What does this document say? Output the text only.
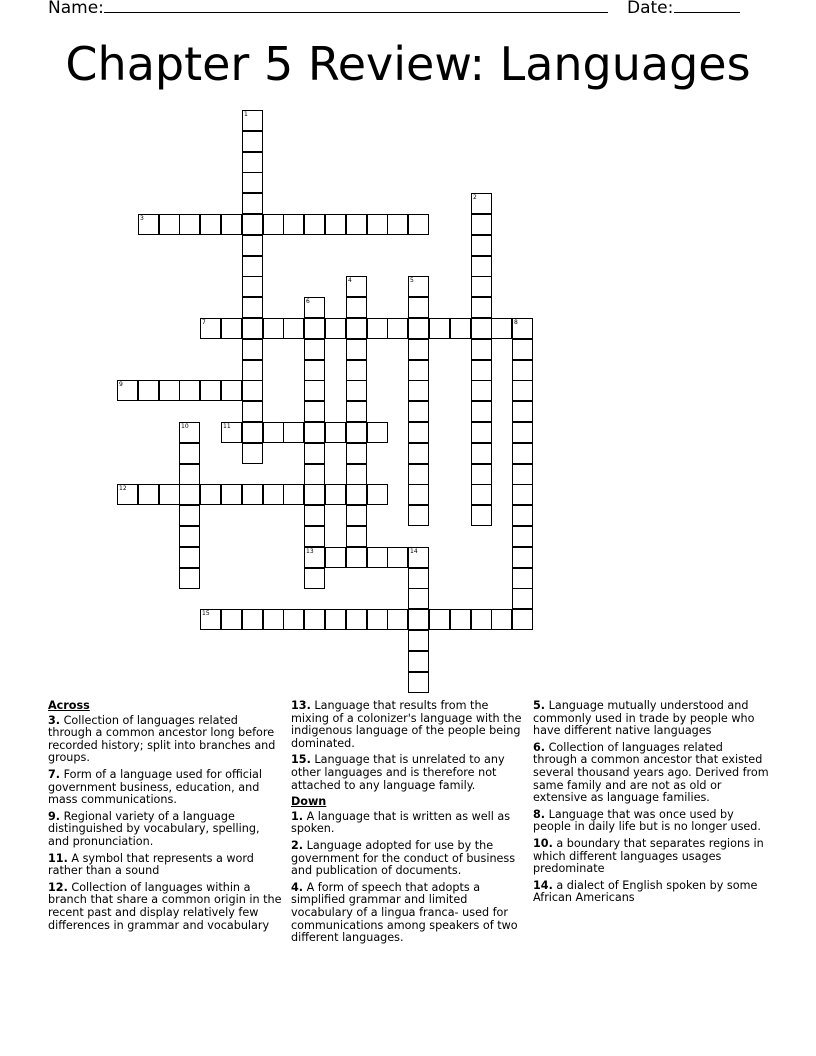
Name:	Date:
Chapter 5 Review: Languages
1
2
3
4	5
6
13
7	8
9
10	11
12
14
15
Across
3. Collection of languages related through a common ancestor long before recorded history; split into branches and groups.
7. Form of a language used for official government business, education, and mass communications.
9. Regional variety of a language distinguished by vocabulary, spelling, and pronunciation.
11. A symbol that represents a word rather than a sound
12. Collection of languages within a branch that share a common origin in the recent past and display relatively few differences in grammar and vocabulary
13. Language that results from the mixing of a colonizer's language with the indigenous language of the people being dominated.
15. Language that is unrelated to any other languages and is therefore not attached to any language family.
Down
1. A language that is written as well as spoken.
2. Language adopted for use by the government for the conduct of business and publication of documents.
4. A form of speech that adopts a simplified grammar and limited vocabulary of a lingua franca- used for communications among speakers of two different languages.
5. Language mutually understood and commonly used in trade by people who have different native languages
6. Collection of languages related through a common ancestor that existed several thousand years ago. Derived from same family and are not as old or extensive as language families.
8. Language that was once used by people in daily life but is no longer used.
10. a boundary that separates regions in which different languages usages predominate
14. a dialect of English spoken by some African Americans
